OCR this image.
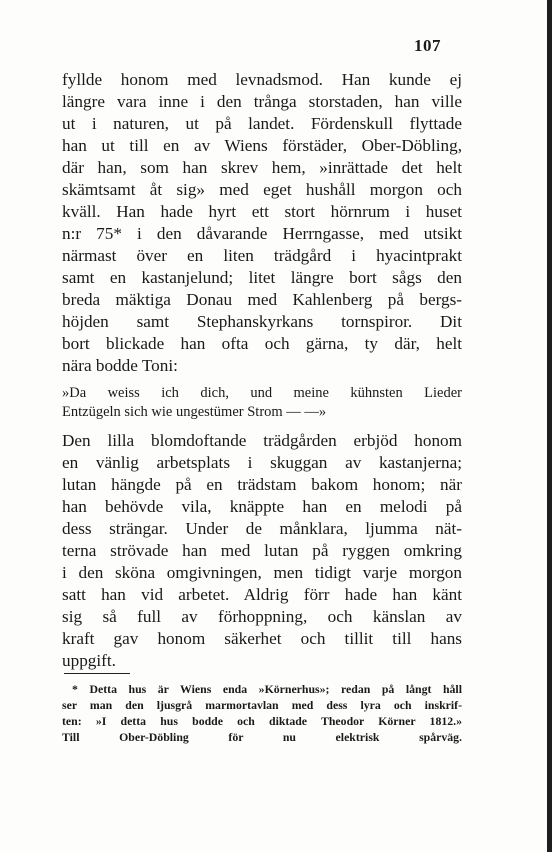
107
fyllde honom med levnadsmod. Han kunde ej
längre vara inne i den trånga storstaden, han ville
ut i naturen, ut på landet. Fördenskull flyttade
han ut till en av Wiens förstäder, Ober-Döbling,
där han, som han skrev hem, »inrättade det helt
skämtsamt åt sig» med eget hushåll morgon och
kväll. Han hade hyrt ett stort hörnrum i huset
n:r 75* i den dåvarande Herrngasse, med utsikt
närmast över en liten trädgård i hyacintprakt
samt en kastanjelund; litet längre bort sågs den
breda mäktiga Donau med Kahlenberg på bergs-
höjden samt Stephanskyrkans tornspiror. Dit
bort blickade han ofta och gärna, ty där, helt
nära bodde Toni:
»Da weiss ich dich, und meine kühnsten Lieder
Entzügeln sich wie ungestümer Strom — —»
Den lilla blomdoftande trädgården erbjöd honom
en vänlig arbetsplats i skuggan av kastanjerna;
lutan hängde på en trädstam bakom honom; när
han behövde vila, knäppte han en melodi på
dess strängar. Under de månklara, ljumma nät-
terna strövade han med lutan på ryggen omkring
i den sköna omgivningen, men tidigt varje morgon
satt han vid arbetet. Aldrig förr hade han känt
sig så full av förhoppning, och känslan av
kraft gav honom säkerhet och tillit till hans
uppgift.
* Detta hus är Wiens enda »Körnerhus»; redan på långt håll
ser man den ljusgrå marmortavlan med dess lyra och inskrif-
ten: »I detta hus bodde och diktade Theodor Körner 1812.»
Till Ober-Döbling för nu elektrisk spårväg.
